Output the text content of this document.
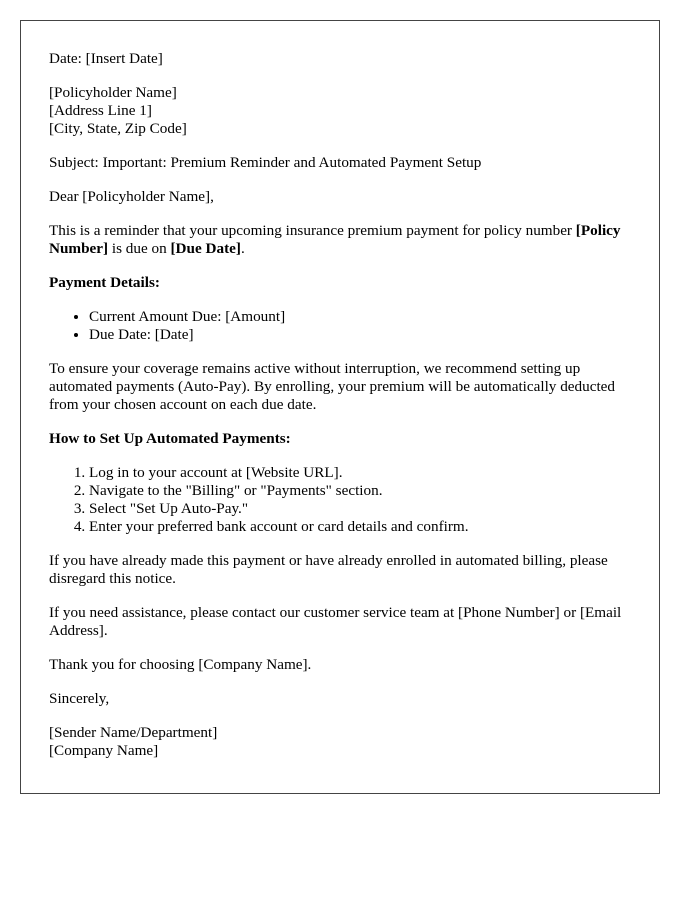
Date: [Insert Date]

[Policyholder Name]
[Address Line 1]
[City, State, Zip Code]

Subject: Important: Premium Reminder and Automated Payment Setup

Dear [Policyholder Name],

This is a reminder that your upcoming insurance premium payment for policy number [Policy Number] is due on [Due Date].

Payment Details:

• Current Amount Due: [Amount]
• Due Date: [Date]

To ensure your coverage remains active without interruption, we recommend setting up automated payments (Auto-Pay). By enrolling, your premium will be automatically deducted from your chosen account on each due date.

How to Set Up Automated Payments:

1. Log in to your account at [Website URL].
2. Navigate to the "Billing" or "Payments" section.
3. Select "Set Up Auto-Pay."
4. Enter your preferred bank account or card details and confirm.

If you have already made this payment or have already enrolled in automated billing, please disregard this notice.

If you need assistance, please contact our customer service team at [Phone Number] or [Email Address].

Thank you for choosing [Company Name].

Sincerely,

[Sender Name/Department]
[Company Name]
